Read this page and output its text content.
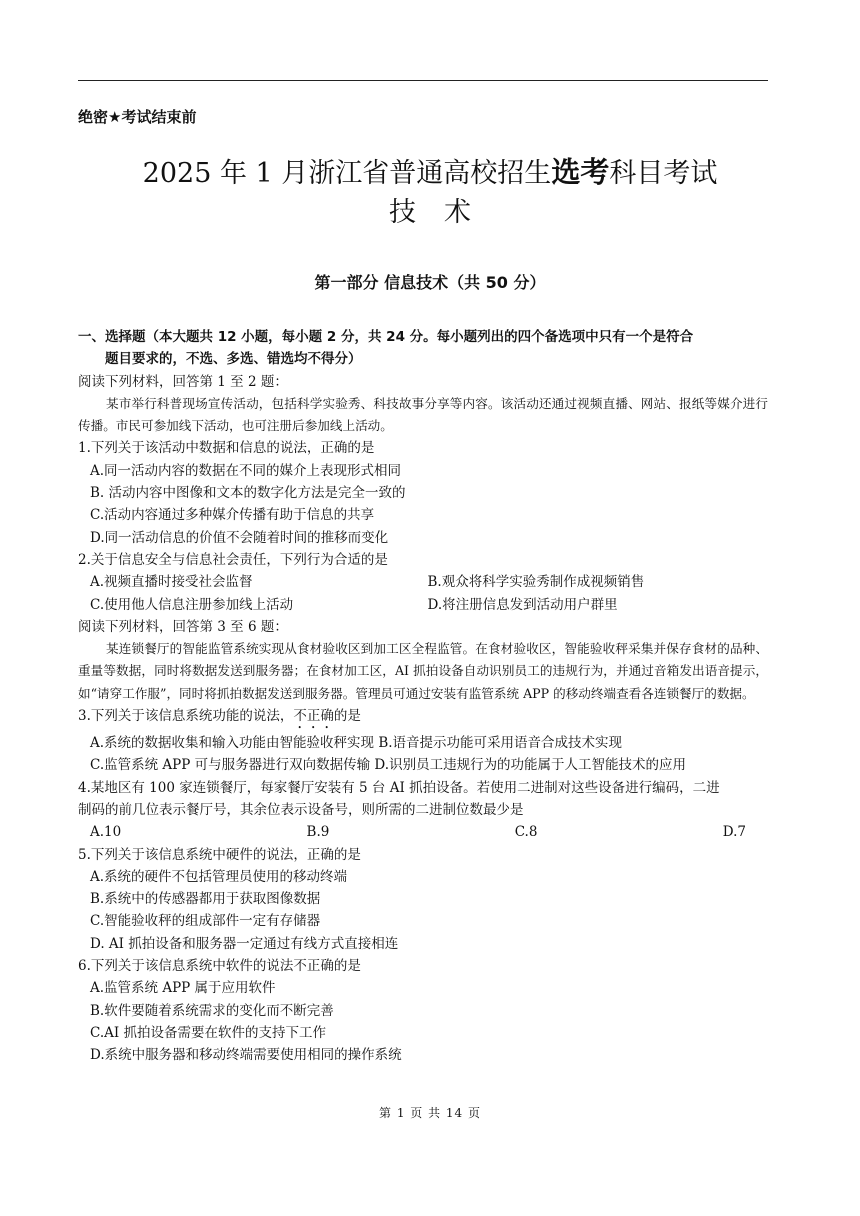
绝密★考试结束前
2025 年 1 月浙江省普通高校招生选考科目考试
技术
第一部分 信息技术（共 50 分）

一、选择题（本大题共 12 小题，每小题 2 分，共 24 分。每小题列出的四个备选项中只有一个是符合

题目要求的，不选、多选、错选均不得分）

阅读下列材料，回答第 1 至 2 题：

某市举行科普现场宣传活动，包括科学实验秀、科技故事分享等内容。该活动还通过视频直播、网站、报纸等媒介进行传播。市民可参加线下活动，也可注册后参加线上活动。

1.下列关于该活动中数据和信息的说法，正确的是

A.同一活动内容的数据在不同的媒介上表现形式相同

B. 活动内容中图像和文本的数字化方法是完全一致的

C.活动内容通过多种媒介传播有助于信息的共享

D.同一活动信息的价值不会随着时间的推移而变化

2.关于信息安全与信息社会责任，下列行为合适的是

A.视频直播时接受社会监督	B.观众将科学实验秀制作成视频销售
C.使用他人信息注册参加线上活动	D.将注册信息发到活动用户群里

阅读下列材料，回答第 3 至 6 题：

某连锁餐厅的智能监管系统实现从食材验收区到加工区全程监管。在食材验收区，智能验收秤采集并保存食材的品种、重量等数据，同时将数据发送到服务器；在食材加工区，AI 抓拍设备自动识别员工的违规行为，并通过音箱发出语音提示，如“请穿工作服”，同时将抓拍数据发送到服务器。管理员可通过安装有监管系统 APP 的移动终端查看各连锁餐厅的数据。

3.下列关于该信息系统功能的说法，不正确的是

A.系统的数据收集和输入功能由智能验收秤实现 B.语音提示功能可采用语音合成技术实现

C.监管系统 APP 可与服务器进行双向数据传输 D.识别员工违规行为的功能属于人工智能技术的应用

4.某地区有 100 家连锁餐厅，每家餐厅安装有 5 台 AI 抓拍设备。若使用二进制对这些设备进行编码，二进

制码的前几位表示餐厅号，其余位表示设备号，则所需的二进制位数最少是

A.10	B.9	C.8	D.7

5.下列关于该信息系统中硬件的说法，正确的是

A.系统的硬件不包括管理员使用的移动终端

B.系统中的传感器都用于获取图像数据

C.智能验收秤的组成部件一定有存储器

D. AI 抓拍设备和服务器一定通过有线方式直接相连

6.下列关于该信息系统中软件的说法不正确的是

A.监管系统 APP 属于应用软件

B.软件要随着系统需求的变化而不断完善

C.AI 抓拍设备需要在软件的支持下工作

D.系统中服务器和移动终端需要使用相同的操作系统

第 1 页 共 14 页
